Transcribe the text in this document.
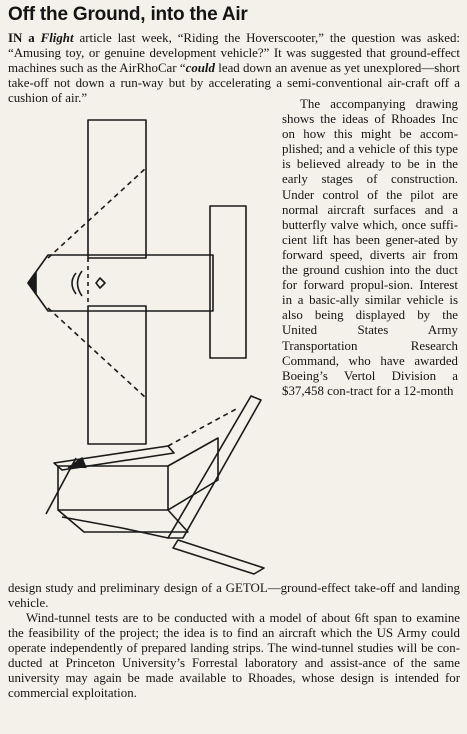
Off the Ground, into the Air

IN a Flight article last week, “Riding the Hoverscooter,” the question was asked: “Amusing toy, or genuine development vehicle?” It was suggested that ground-effect machines such as the AirRhoCar “could lead down an avenue as yet unexplored—short take-off not down a run-way but by accelerating a semi-conventional air-craft off a cushion of air.”	The accompanying drawing shows the ideas of Rhoades Inc on how this might be accom-plished; and a vehicle of this type is believed already to be in the early stages of construction. Under control of the pilot are normal aircraft surfaces and a butterfly valve which, once suffi-cient lift has been gener-ated by forward speed, diverts air from the ground cushion into the duct for forward propul-sion. Interest in a basic-ally similar vehicle is also being displayed by the United States Army Transportation Research Command, who have awarded Boeing’s Vertol Division a $37,458 con-tract for a 12-month

design study and preliminary design of a GETOL—ground-effect take-off and landing vehicle.

Wind-tunnel tests are to be conducted with a model of about 6ft span to examine the feasibility of the project; the idea is to find an aircraft which the US Army could operate independently of prepared landing strips. The wind-tunnel studies will be con-ducted at Princeton University’s Forrestal laboratory and assist-ance of the same university may again be made available to Rhoades, whose design is intended for commercial exploitation.
